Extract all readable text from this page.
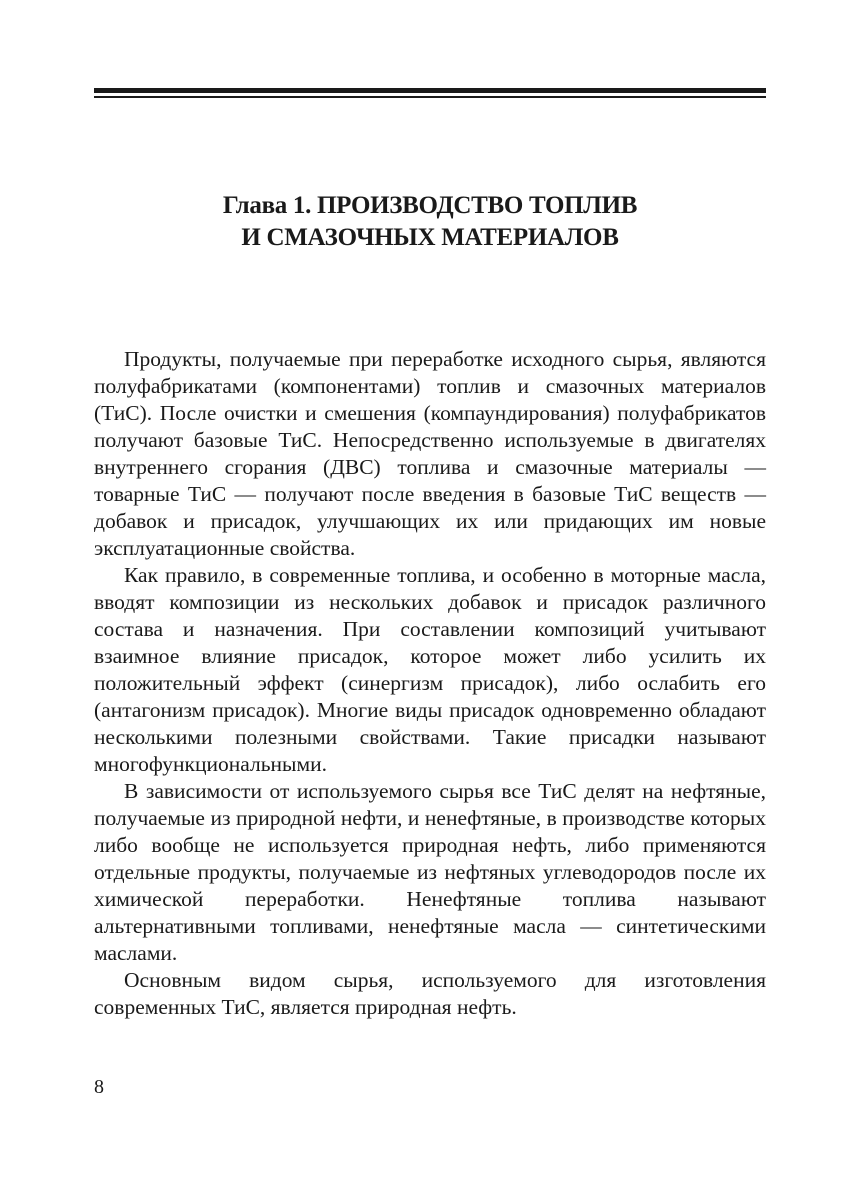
Глава 1. ПРОИЗВОДСТВО ТОПЛИВ
И СМАЗОЧНЫХ МАТЕРИАЛОВ

Продукты, получаемые при переработке исходного сырья, являются полуфабрикатами (компонентами) топлив и смазочных материалов (ТиС). После очистки и смешения (компаундирования) полуфабрикатов получают базовые ТиС. Непосредственно используемые в двигателях внутреннего сгорания (ДВС) топлива и смазочные материалы — товарные ТиС — получают после введения в базовые ТиС веществ — добавок и присадок, улучшающих их или придающих им новые эксплуатационные свойства.

Как правило, в современные топлива, и особенно в моторные масла, вводят композиции из нескольких добавок и присадок различного состава и назначения. При составлении композиций учитывают взаимное влияние присадок, которое может либо усилить их положительный эффект (синергизм присадок), либо ослабить его (антагонизм присадок). Многие виды присадок одновременно обладают несколькими полезными свойствами. Такие присадки называют многофункциональными.

В зависимости от используемого сырья все ТиС делят на нефтяные, получаемые из природной нефти, и ненефтяные, в производстве которых либо вообще не используется природная нефть, либо применяются отдельные продукты, получаемые из нефтяных углеводородов после их химической переработки. Ненефтяные топлива называют альтернативными топливами, ненефтяные масла — синтетическими маслами.

Основным видом сырья, используемого для изготовления современных ТиС, является природная нефть.

8
